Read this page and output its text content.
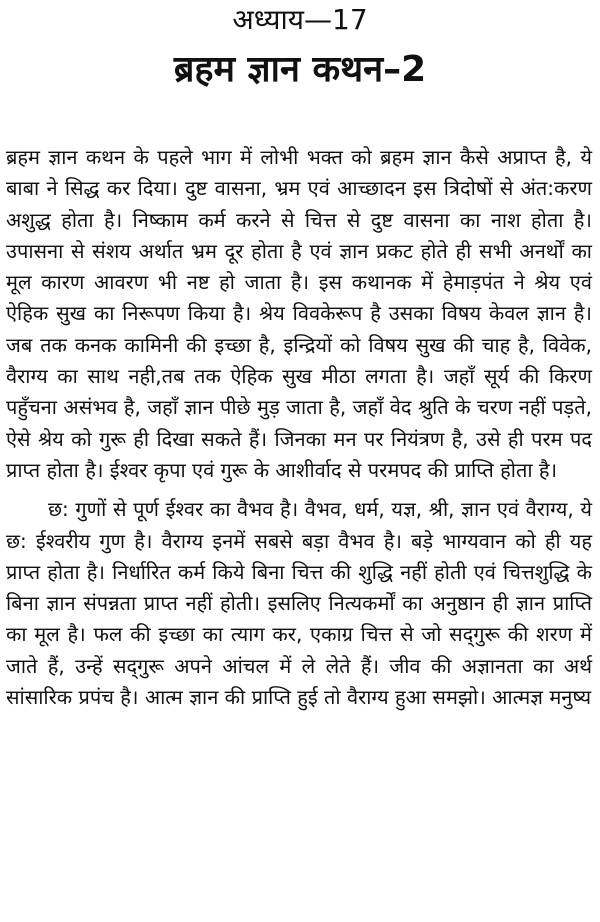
अध्याय—17
ब्रहम ज्ञान कथन–2

ब्रहम ज्ञान कथन के पहले भाग में लोभी भक्त को ब्रहम ज्ञान कैसे अप्राप्त है, ये बाबा ने सिद्ध कर दिया। दुष्ट वासना, भ्रम एवं आच्छादन इस त्रिदोषों से अंत:करण अशुद्ध होता है। निष्काम कर्म करने से चित्त से दुष्ट वासना का नाश होता है। उपासना से संशय अर्थात भ्रम दूर होता है एवं ज्ञान प्रकट होते ही सभी अनर्थों का मूल कारण आवरण भी नष्ट हो जाता है। इस कथानक में हेमाड़पंत ने श्रेय एवं ऐहिक सुख का निरूपण किया है। श्रेय विवकेरूप है उसका विषय केवल ज्ञान है। जब तक कनक कामिनी की इच्छा है, इन्द्रियों को विषय सुख की चाह है, विवेक, वैराग्य का साथ नही,तब तक ऐहिक सुख मीठा लगता है। जहाँ सूर्य की किरण पहुँचना असंभव है, जहाँ ज्ञान पीछे मुड़ जाता है, जहाँ वेद श्रुति के चरण नहीं पड़ते, ऐसे श्रेय को गुरू ही दिखा सकते हैं। जिनका मन पर नियंत्रण है, उसे ही परम पद प्राप्त होता है। ईश्वर कृपा एवं गुरू के आशीर्वाद से परमपद की प्राप्ति होता है।

छ: गुणों से पूर्ण ईश्वर का वैभव है। वैभव, धर्म, यज्ञ, श्री, ज्ञान एवं वैराग्य, ये छ: ईश्वरीय गुण है। वैराग्य इनमें सबसे बड़ा वैभव है। बड़े भाग्यवान को ही यह प्राप्त होता है। निर्धारित कर्म किये बिना चित्त की शुद्धि नहीं होती एवं चित्तशुद्धि के बिना ज्ञान संपन्नता प्राप्त नहीं होती। इसलिए नित्यकर्मों का अनुष्ठान ही ज्ञान प्राप्ति का मूल है। फल की इच्छा का त्याग कर, एकाग्र चित्त से जो सद्‌गुरू की शरण में जाते हैं, उन्हें सद्‌गुरू अपने आंचल में ले लेते हैं। जीव की अज्ञानता का अर्थ सांसारिक प्रपंच है। आत्म ज्ञान की प्राप्ति हुई तो वैराग्य हुआ समझो। आत्मज्ञ मनुष्य
